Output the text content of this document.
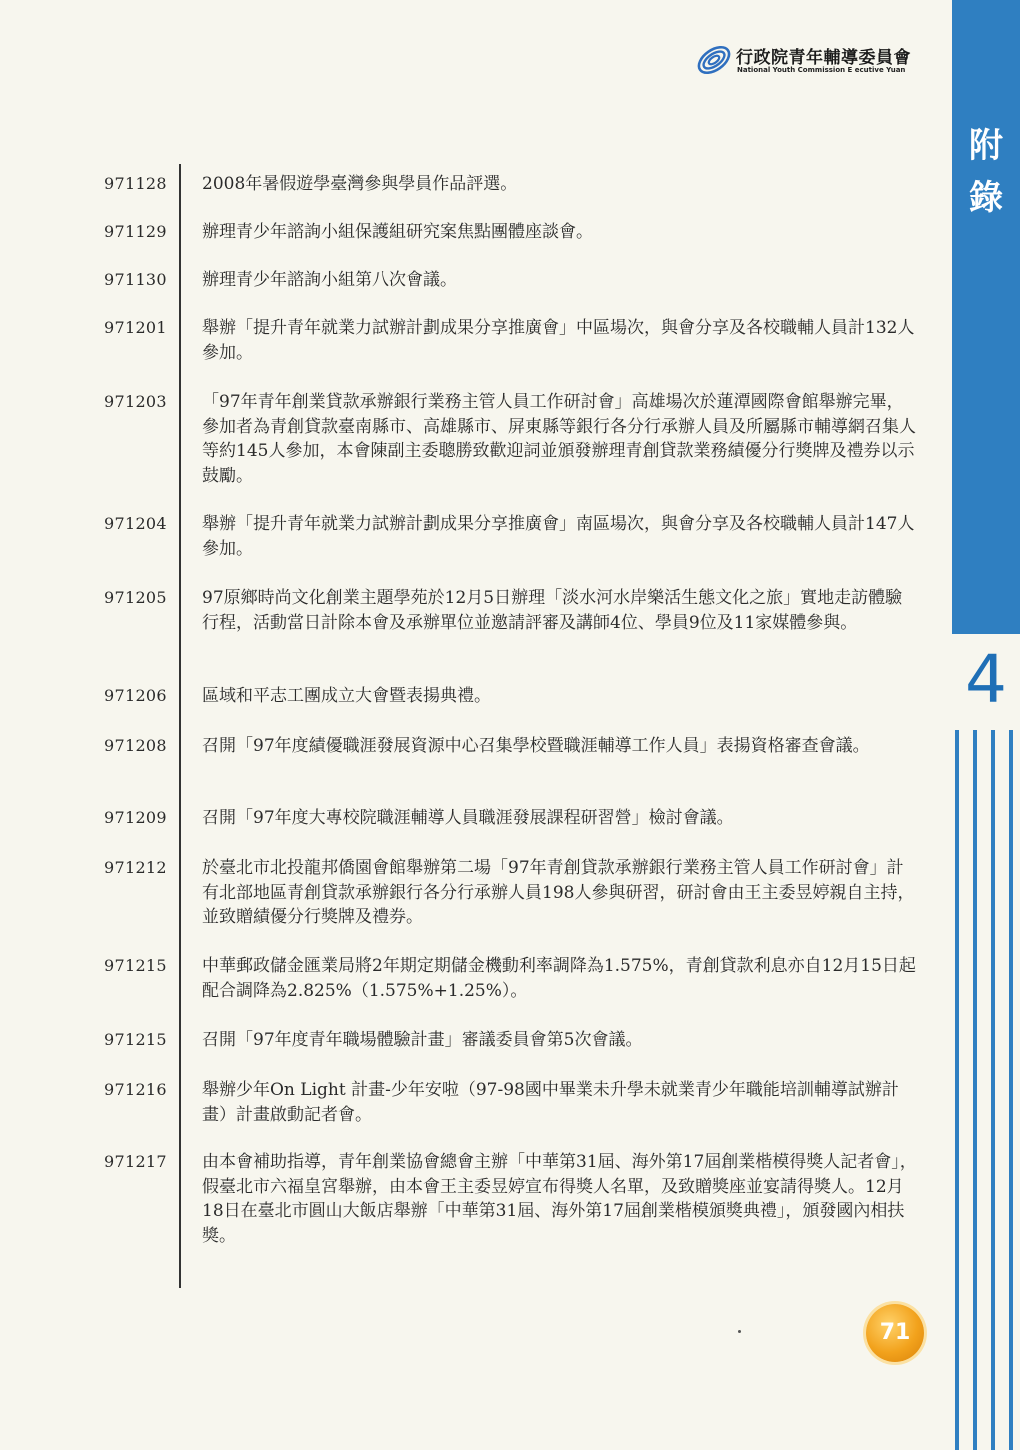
行政院青年輔導委員會
National Youth Commission E ecutive Yuan
附
錄
4
971128	2008年暑假遊學臺灣參與學員作品評選。
971129	辦理青少年諮詢小組保護組研究案焦點團體座談會。
971130	辦理青少年諮詢小組第八次會議。
971201	舉辦「提升青年就業力試辦計劃成果分享推廣會」中區場次，與會分享及各校職輔人員計132人參加。
971203	「97年青年創業貸款承辦銀行業務主管人員工作研討會」高雄場次於蓮潭國際會館舉辦完畢，參加者為青創貸款臺南縣市、高雄縣市、屏東縣等銀行各分行承辦人員及所屬縣市輔導網召集人等約145人參加，本會陳副主委聰勝致歡迎詞並頒發辦理青創貸款業務績優分行獎牌及禮券以示鼓勵。
971204	舉辦「提升青年就業力試辦計劃成果分享推廣會」南區場次，與會分享及各校職輔人員計147人參加。
971205	97原鄉時尚文化創業主題學苑於12月5日辦理「淡水河水岸樂活生態文化之旅」實地走訪體驗行程，活動當日計除本會及承辦單位並邀請評審及講師4位、學員9位及11家媒體參與。
971206	區域和平志工團成立大會暨表揚典禮。
971208	召開「97年度績優職涯發展資源中心召集學校暨職涯輔導工作人員」表揚資格審查會議。
971209	召開「97年度大專校院職涯輔導人員職涯發展課程研習營」檢討會議。
971212	於臺北市北投龍邦僑園會館舉辦第二場「97年青創貸款承辦銀行業務主管人員工作研討會」計有北部地區青創貸款承辦銀行各分行承辦人員198人參與研習，研討會由王主委昱婷親自主持，並致贈績優分行獎牌及禮券。
971215	中華郵政儲金匯業局將2年期定期儲金機動利率調降為1.575%，青創貸款利息亦自12月15日起配合調降為2.825%（1.575%+1.25%）。
971215	召開「97年度青年職場體驗計畫」審議委員會第5次會議。
971216	舉辦少年On Light 計畫-少年安啦（97-98國中畢業未升學未就業青少年職能培訓輔導試辦計畫）計畫啟動記者會。
971217	由本會補助指導，青年創業協會總會主辦「中華第31屆、海外第17屆創業楷模得獎人記者會」，假臺北市六福皇宮舉辦，由本會王主委昱婷宣布得獎人名單，及致贈獎座並宴請得獎人。12月18日在臺北市圓山大飯店舉辦「中華第31屆、海外第17屆創業楷模頒獎典禮」，頒發國內相扶獎。
71
